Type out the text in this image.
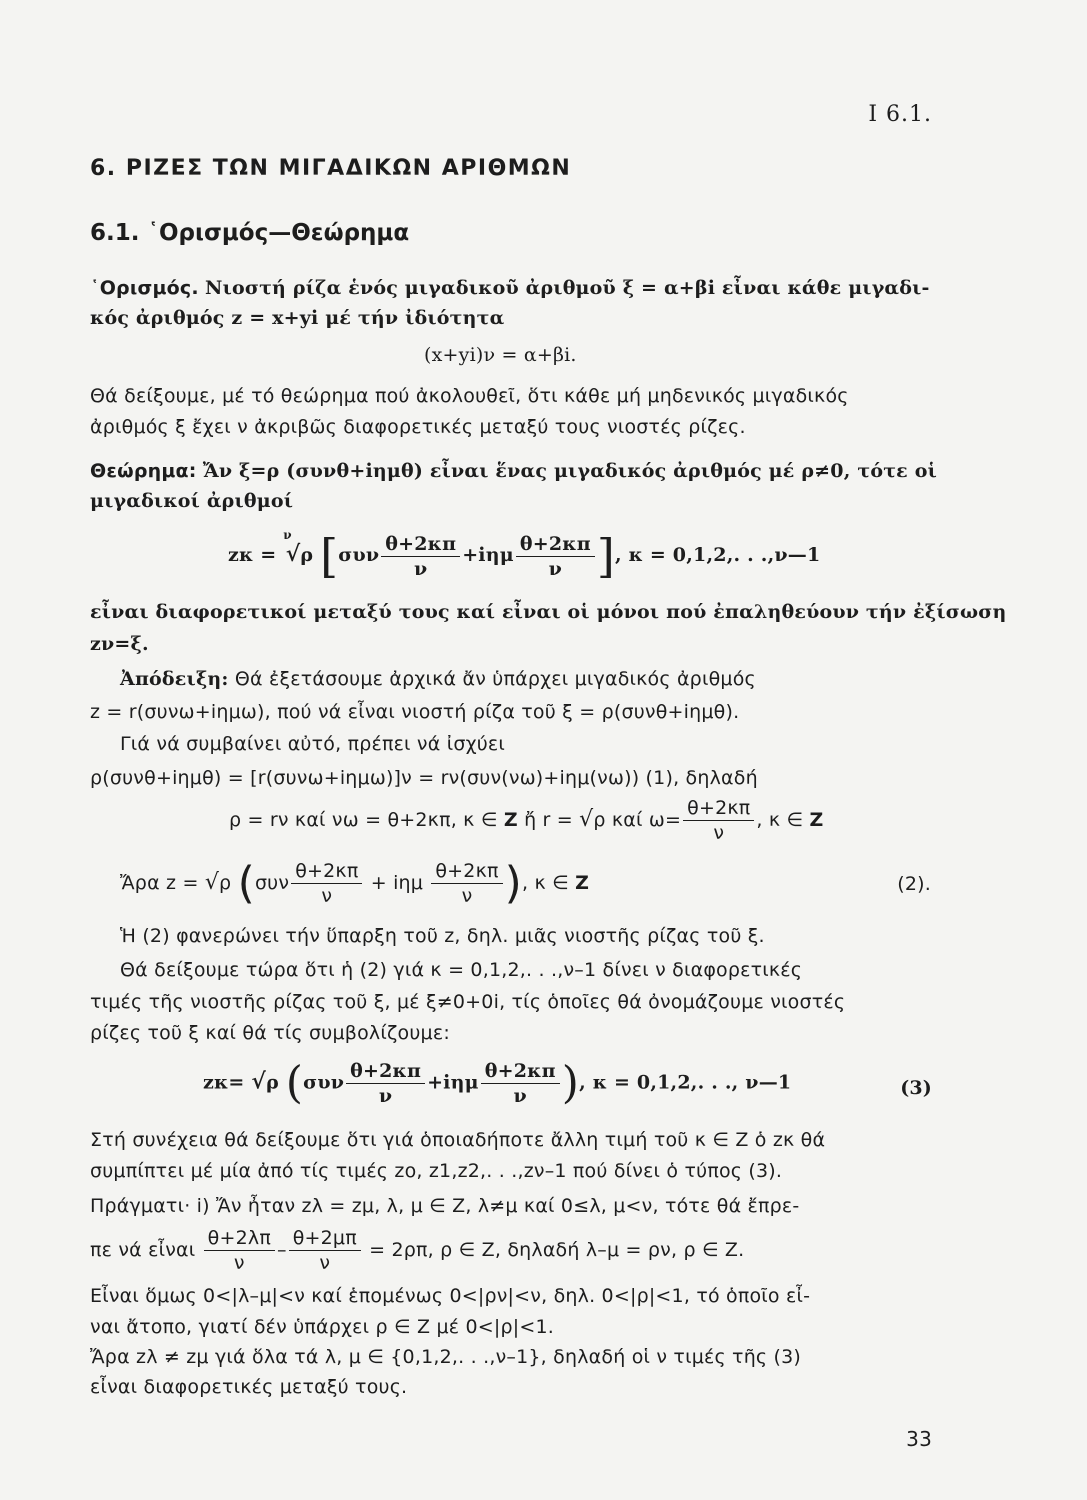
I 6.1.
6. ΡΙΖΕΣ ΤΩΝ ΜΙΓΑΔΙΚΩΝ ΑΡΙΘΜΩΝ
6.1. ῾Ορισμός—Θεώρημα
῾Ορισμός. Νιοστή ρίζα ἑνός μιγαδικοῦ ἀριθμοῦ ξ = α+βi εἶναι κάθε μιγαδι-
κός ἀριθμός z = x+yi μέ τήν ἰδιότητα
(x+yi)ν = α+βi.
Θά δείξουμε, μέ τό θεώρημα πού ἀκολουθεῖ, ὅτι κάθε μή μηδενικός μιγαδικός
ἀριθμός ξ ἔχει ν ἀκριβῶς διαφορετικές μεταξύ τους νιοστές ρίζες.
Θεώρημα: Ἄν ξ=ρ (συνθ+iημθ) εἶναι ἕνας μιγαδικός ἀριθμός μέ ρ≠0, τότε οἱ
μιγαδικοί ἀριθμοί
zκ = $^\nu$√ρ [$\sigma\upsilon\nu \frac{\theta+2\kappa\pi}{\nu} +i\eta\mu \frac{\theta+2\kappa\pi}{\nu}$ ], κ = 0,1,2,. . .,ν—1
εἶναι διαφορετικοί μεταξύ τους καί εἶναι οἱ μόνοι πού ἐπαληθεύουν τήν ἐξίσωση
zν=ξ.
Ἀπόδειξη: Θά ἐξετάσουμε ἀρχικά ἄν ὑπάρχει μιγαδικός ἀριθμός
z = r(συνω+iημω), πού νά εἶναι νιοστή ρίζα τοῦ ξ = ρ(συνθ+iημθ).
Γιά νά συμβαίνει αὐτό, πρέπει νά ἰσχύει
ρ(συνθ+iημθ) = [r(συνω+iημω)]ν = rν(συν(νω)+iημ(νω)) (1), δηλαδή
ρ = rν καί νω = θ+2κπ, κ ∈ Z ἤ r = √ρ καί $\omega= \frac{\theta+2\kappa\pi}{\nu}$ , κ ∈ Z
Ἄρα z = √ρ ($\sigma\upsilon\nu \frac{\theta+2\kappa\pi}{\nu} + i\eta\mu \frac{\theta+2\kappa\pi}{\nu}$ ), κ ∈ Z	(2).
Ἡ (2) φανερώνει τήν ὕπαρξη τοῦ z, δηλ. μιᾶς νιοστῆς ρίζας τοῦ ξ.
Θά δείξουμε τώρα ὅτι ἡ (2) γιά κ = 0,1,2,. . .,ν–1 δίνει ν διαφορετικές
τιμές τῆς νιοστῆς ρίζας τοῦ ξ, μέ ξ≠0+0i, τίς ὁποῖες θά ὀνομάζουμε νιοστές
ρίζες τοῦ ξ καί θά τίς συμβολίζουμε:
zκ= √ρ ($\sigma\upsilon\nu \frac{\theta+2\kappa\pi}{\nu} +i\eta\mu \frac{\theta+2\kappa\pi}{\nu}$ ), κ = 0,1,2,. . ., ν—1	(3)
Στή συνέχεια θά δείξουμε ὅτι γιά ὁποιαδήποτε ἄλλη τιμή τοῦ κ ∈ Z ὁ zκ θά
συμπίπτει μέ μία ἀπό τίς τιμές zο, z1,z2,. . .,zν–1 πού δίνει ὁ τύπος (3).
Πράγματι· i) Ἄν ἦταν zλ = zμ, λ, μ ∈ Z, λ≠μ καί 0≤λ, μ<ν, τότε θά ἔπρε-
πε νά εἶναι $\frac{\theta+2\lambda\pi}{\nu} - \frac{\theta+2\mu\pi}{\nu} = 2\rho\pi$, ρ ∈ Z, δηλαδή λ–μ = ρν, ρ ∈ Z.
Εἶναι ὅμως 0<|λ–μ|<ν καί ἑπομένως 0<|ρν|<ν, δηλ. 0<|ρ|<1, τό ὁποῖο εἶ-
ναι ἄτοπο, γιατί δέν ὑπάρχει ρ ∈ Z μέ 0<|ρ|<1.
Ἄρα zλ ≠ zμ γιά ὅλα τά λ, μ ∈ {0,1,2,. . .,ν–1}, δηλαδή οἱ ν τιμές τῆς (3)
εἶναι διαφορετικές μεταξύ τους.
33
